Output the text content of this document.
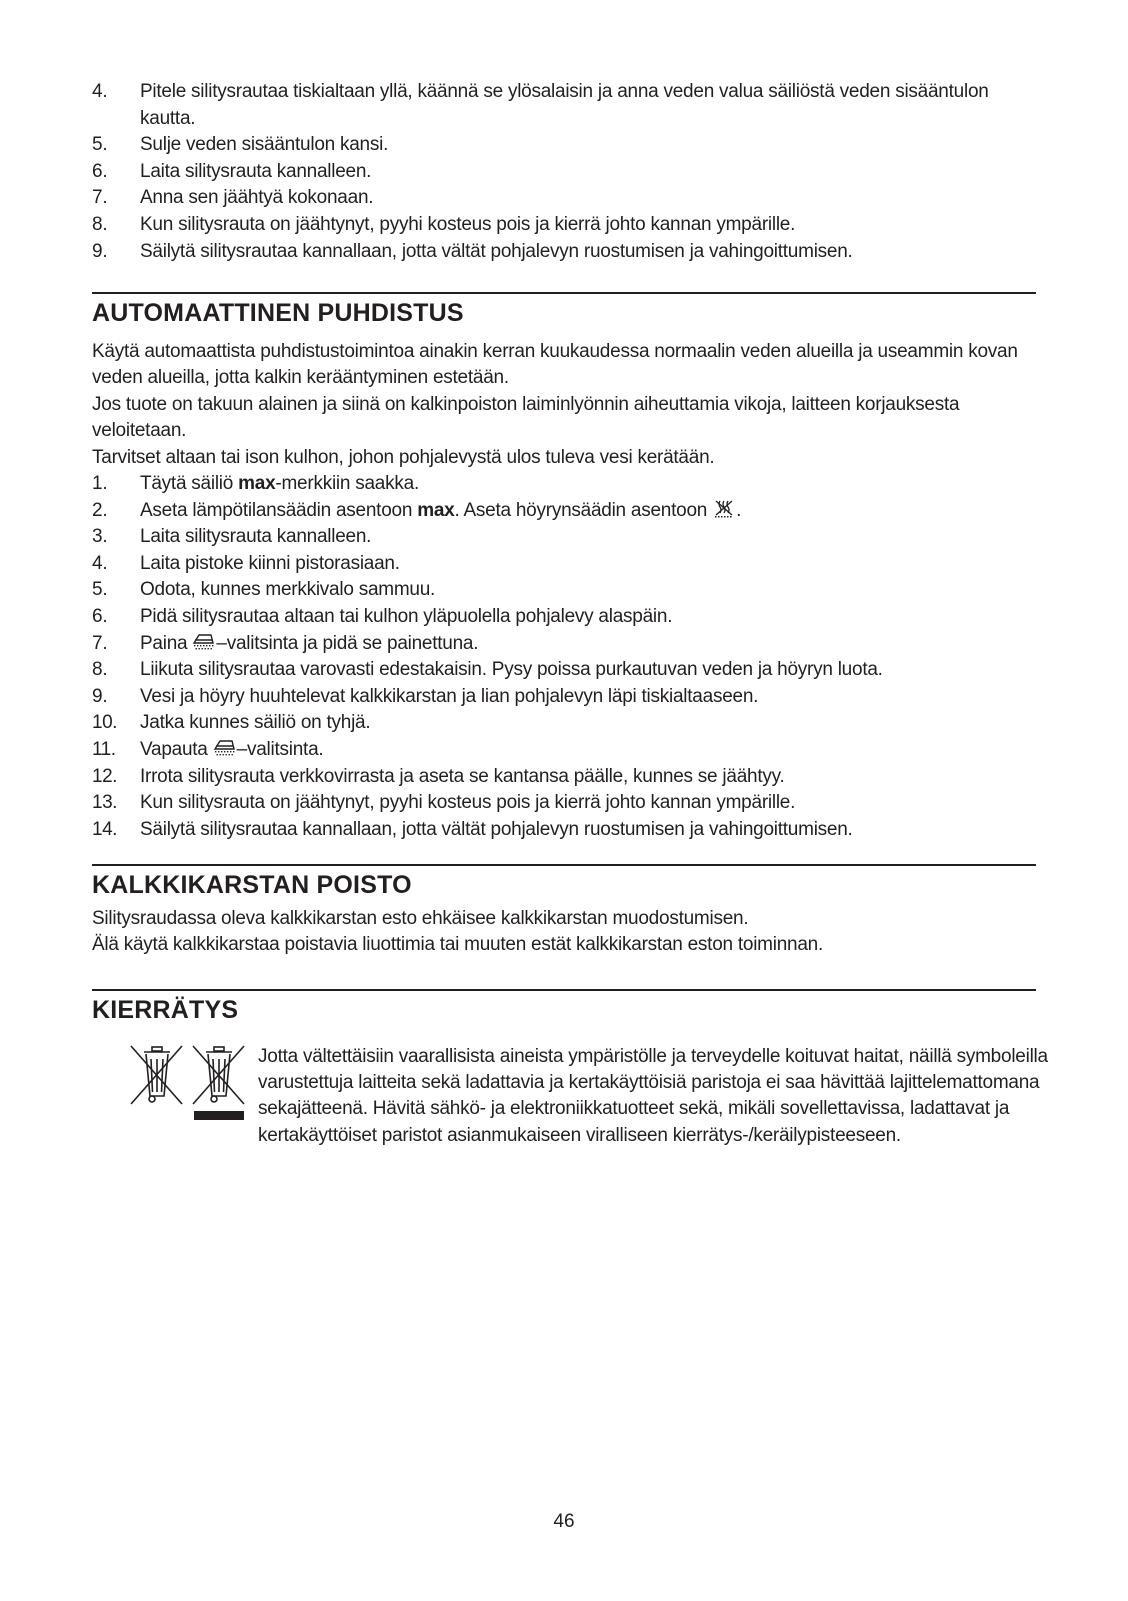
4. Pitele silitysrautaa tiskialtaan yllä, käännä se ylösalaisin ja anna veden valua säiliöstä veden sisääntulon kautta.
5. Sulje veden sisääntulon kansi.
6. Laita silitysrauta kannalleen.
7. Anna sen jäähtyä kokonaan.
8. Kun silitysrauta on jäähtynyt, pyyhi kosteus pois ja kierrä johto kannan ympärille.
9. Säilytä silitysrautaa kannallaan, jotta vältät pohjalevyn ruostumisen ja vahingoittumisen.
AUTOMAATTINEN PUHDISTUS

Käytä automaattista puhdistustoimintoa ainakin kerran kuukaudessa normaalin veden alueilla ja useammin kovan veden alueilla, jotta kalkin kerääntyminen estetään.

Jos tuote on takuun alainen ja siinä on kalkinpoiston laiminlyönnin aiheuttamia vikoja, laitteen korjauksesta veloitetaan.

Tarvitset altaan tai ison kulhon, johon pohjalevystä ulos tuleva vesi kerätään.

1. Täytä säiliö max-merkkiin saakka.
2. Aseta lämpötilansäädin asentoon max. Aseta höyrynsäädin asentoon
.
3. Laita silitysrauta kannalleen.
4. Laita pistoke kiinni pistorasiaan.
5. Odota, kunnes merkkivalo sammuu.
6. Pidä silitysrautaa altaan tai kulhon yläpuolella pohjalevy alaspäin.
7. Paina
–valitsinta ja pidä se painettuna.
8. Liikuta silitysrautaa varovasti edestakaisin. Pysy poissa purkautuvan veden ja höyryn luota.
9. Vesi ja höyry huuhtelevat kalkkikarstan ja lian pohjalevyn läpi tiskialtaaseen.
10. Jatka kunnes säiliö on tyhjä.
11. Vapauta
–valitsinta.
12. Irrota silitysrauta verkkovirrasta ja aseta se kantansa päälle, kunnes se jäähtyy.
13. Kun silitysrauta on jäähtynyt, pyyhi kosteus pois ja kierrä johto kannan ympärille.
14. Säilytä silitysrautaa kannallaan, jotta vältät pohjalevyn ruostumisen ja vahingoittumisen.
KALKKIKARSTAN POISTO

Silitysraudassa oleva kalkkikarstan esto ehkäisee kalkkikarstan muodostumisen.

Älä käytä kalkkikarstaa poistavia liuottimia tai muuten estät kalkkikarstan eston toiminnan.

KIERRÄTYS

Jotta vältettäisiin vaarallisista aineista ympäristölle ja terveydelle koituvat haitat, näillä symboleilla varustettuja laitteita sekä ladattavia ja kertakäyttöisiä paristoja ei saa hävittää lajittelemattomana sekajätteenä. Hävitä sähkö- ja elektroniikkatuotteet sekä, mikäli sovellettavissa, ladattavat ja kertakäyttöiset paristot asianmukaiseen viralliseen kierrätys-/keräilypisteeseen.

46
